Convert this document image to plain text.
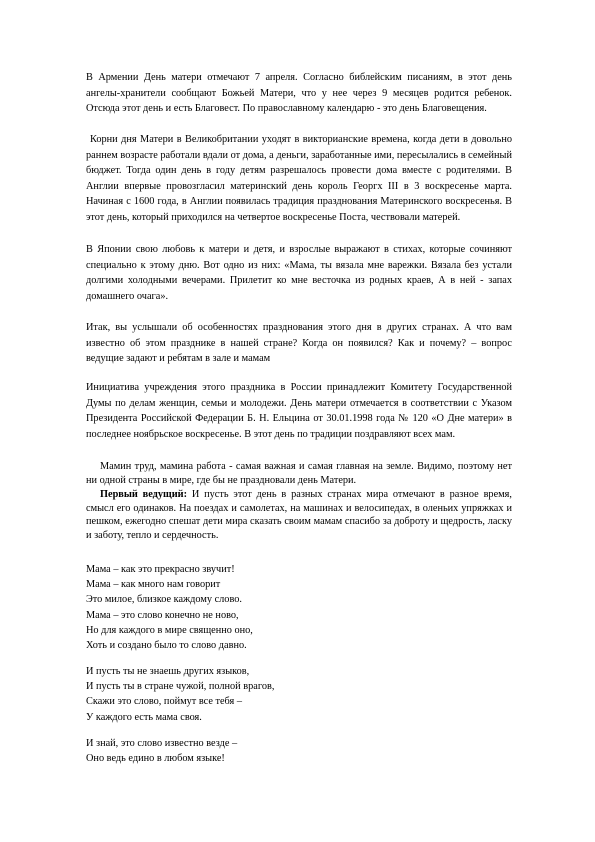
В Армении День матери отмечают 7 апреля. Согласно библейским писаниям, в этот день ангелы-хранители сообщают Божьей Матери, что у нее через 9 месяцев родится ребенок. Отсюда этот день и есть Благовест. По православному календарю - это день Благовещения.

Корни дня Матери в Великобритании уходят в викторианские времена, когда дети в довольно раннем возрасте работали вдали от дома, а деньги, заработанные ими, пересылались в семейный бюджет. Тогда один день в году детям разрешалось провести дома вместе с родителями. В Англии впервые провозгласил материнский день король Георгх III в 3 воскресенье марта. Начиная с 1600 года, в Англии появилась традиция празднования Материнского воскресенья. В этот день, который приходился на четвертое воскресенье Поста, чествовали матерей.

В Японии свою любовь к матери и детя, и взрослые выражают в стихах, которые сочиняют специально к этому дню. Вот одно из них: «Мама, ты вязала мне варежки. Вязала без устали долгими холодными вечерами. Прилетит ко мне весточка из родных краев, А в ней - запах домашнего очага».

Итак, вы услышали об особенностях празднования этого дня в других странах. А что вам известно об этом празднике в нашей стране? Когда он появился? Как и почему? – вопрос ведущие задают и ребятам в зале и мамам

Инициатива учреждения этого праздника в России принадлежит Комитету Государственной Думы по делам женщин, семьи и молодежи. День матери отмечается в соответствии с Указом Президента Российской Федерации Б. Н. Ельцина от 30.01.1998 года № 120 «О Дне матери» в последнее ноябрьское воскресенье. В этот день по традиции поздравляют всех мам.

Мамин труд, мамина работа - самая важная и самая главная на земле. Видимо, поэтому нет ни одной страны в мире, где бы не праздновали день Матери.

Первый ведущий: И пусть этот день в разных странах мира отмечают в разное время, смысл его одинаков. На поездах и самолетах, на машинах и велосипедах, в оленьих упряжках и пешком, ежегодно спешат дети мира сказать своим мамам спасибо за доброту и щедрость, ласку и заботу, тепло и сердечность.

Мама – как это прекрасно звучит!
Мама – как много нам говорит
Это милое, близкое каждому слово.
Мама – это слово конечно не ново,
Но для каждого в мире священно оно,
Хоть и создано было то слово давно.
И пусть ты не знаешь других языков,
И пусть ты в стране чужой, полной врагов,
Скажи это слово, поймут все тебя –
У каждого есть мама своя.
И знай, это слово известно везде –
Оно ведь едино в любом языке!
